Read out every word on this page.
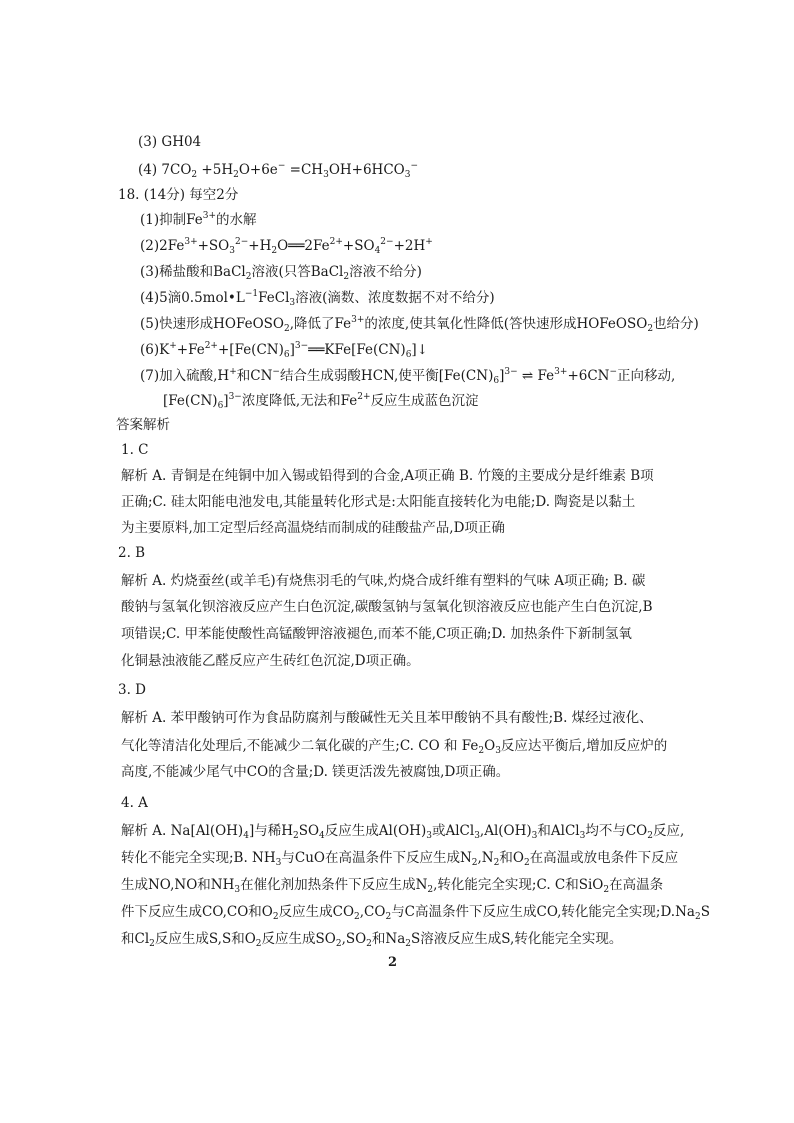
(3) GH04
(4) $7CO_2 +5H_2O+6e^- =CH_3OH+6HCO_3^-$
18. (14分) 每空2分
(1)抑制$Fe^{3+}$的水解
$(2)2Fe^{3+}+SO_3^{2-}+H_2O══2Fe^{2+}+SO_4^{2-}+2H^+$
(3)稀盐酸和BaCl$_2$溶液(只答BaCl$_2$溶液不给分)
(4)5滴$0.5mol•L^{-1}FeCl_3$溶液(滴数、浓度数据不对不给分)
(5)快速形成HOFeOSO$_2$,降低了$Fe^{3+}$的浓度,使其氧化性降低(答快速形成HOFeOSO$_2$也给分)
$(6)K^++Fe^{2+}+[Fe(CN)_6]^{3-}══KFe[Fe(CN)_6]↓$
(7)加入硫酸,H+和CN−结合生成弱酸HCN,使平衡$[Fe(CN)_6]^{3-}$ ⇌ $Fe^{3+}+6CN^-$正向移动,
$[Fe(CN)_6]^{3-}$浓度降低,无法和$Fe^{2+}$反应生成蓝色沉淀
答案解析
1. C
解析 A. 青铜是在纯铜中加入锡或铅得到的合金,A项正确 B. 竹篾的主要成分是纤维素 B项
正确;C. 硅太阳能电池发电,其能量转化形式是:太阳能直接转化为电能;D. 陶瓷是以黏土
为主要原料,加工定型后经高温烧结而制成的硅酸盐产品,D项正确
2. B
解析 A. 灼烧蚕丝(或羊毛)有烧焦羽毛的气味,灼烧合成纤维有塑料的气味 A项正确; B. 碳
酸钠与氢氧化钡溶液反应产生白色沉淀,碳酸氢钠与氢氧化钡溶液反应也能产生白色沉淀,B
项错误;C. 甲苯能使酸性高锰酸钾溶液褪色,而苯不能,C项正确;D. 加热条件下新制氢氧
化铜悬浊液能乙醛反应产生砖红色沉淀,D项正确。
3. D
解析 A. 苯甲酸钠可作为食品防腐剂与酸碱性无关且苯甲酸钠不具有酸性;B. 煤经过液化、
气化等清洁化处理后,不能减少二氧化碳的产生;C. CO 和 $Fe_2O_3$反应达平衡后,增加反应炉的
高度,不能减少尾气中CO的含量;D. 镁更活泼先被腐蚀,D项正确。
4. A
解析 A. $Na[Al(OH)_4]$与稀$H_2SO_4$反应生成$Al(OH)_3$或$AlCl_3,Al(OH)_3$和AlCl$_3$均不与$CO_2$反应,
转化不能完全实现;B. $NH_3$与CuO在高温条件下反应生成$N_2,N_2$和$O_2$在高温或放电条件下反应
生成NO,NO和$NH_3$在催化剂加热条件下反应生成$N_2$,转化能完全实现;C. C和SiO$_2$在高温条
件下反应生成CO,CO和$O_2$反应生成$CO_2,CO_2$与C高温条件下反应生成CO,转化能完全实现$;D.Na_2S$
和$Cl_2$反应生成S,S和$O_2$反应生成$SO_2,SO_2$和$Na_2S$溶液反应生成S,转化能完全实现。
2
